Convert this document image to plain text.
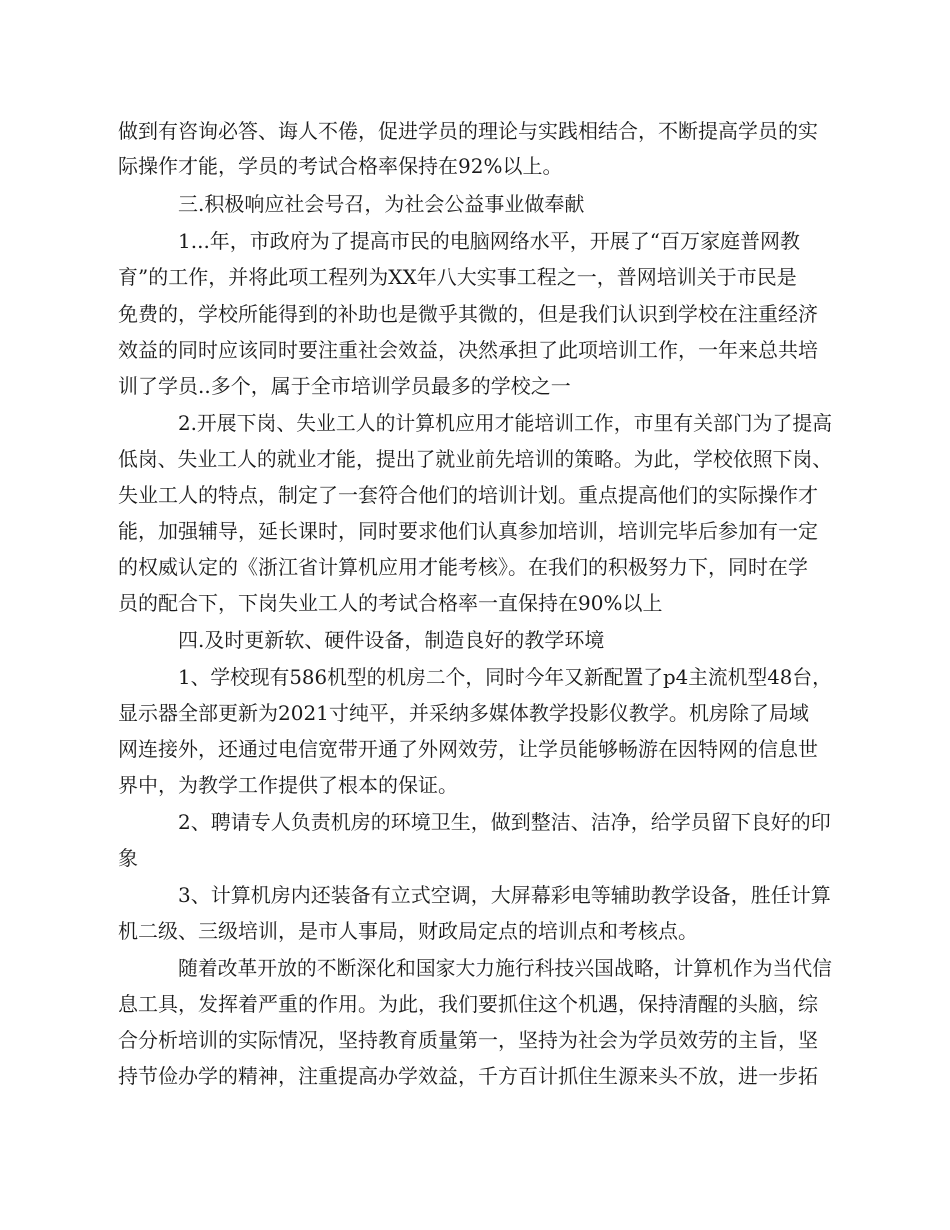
做到有咨询必答、诲人不倦，促进学员的理论与实践相结合，不断提高学员的实

际操作才能，学员的考试合格率保持在92%以上。

三.积极响应社会号召，为社会公益事业做奉献

1...年，市政府为了提高市民的电脑网络水平，开展了“百万家庭普网教

育”的工作，并将此项工程列为XX年八大实事工程之一，普网培训关于市民是

免费的，学校所能得到的补助也是微乎其微的，但是我们认识到学校在注重经济

效益的同时应该同时要注重社会效益，决然承担了此项培训工作，一年来总共培

训了学员..多个，属于全市培训学员最多的学校之一

2.开展下岗、失业工人的计算机应用才能培训工作，市里有关部门为了提高

低岗、失业工人的就业才能，提出了就业前先培训的策略。为此，学校依照下岗、

失业工人的特点，制定了一套符合他们的培训计划。重点提高他们的实际操作才

能，加强辅导，延长课时，同时要求他们认真参加培训，培训完毕后参加有一定

的权威认定的《浙江省计算机应用才能考核》。在我们的积极努力下，同时在学

员的配合下，下岗失业工人的考试合格率一直保持在90%以上

四.及时更新软、硬件设备，制造良好的教学环境

1、学校现有586机型的机房二个，同时今年又新配置了p4主流机型48台，

显示器全部更新为2021寸纯平，并采纳多媒体教学投影仪教学。机房除了局域

网连接外，还通过电信宽带开通了外网效劳，让学员能够畅游在因特网的信息世

界中，为教学工作提供了根本的保证。

2、聘请专人负责机房的环境卫生，做到整洁、洁净，给学员留下良好的印

象

3、计算机房内还装备有立式空调，大屏幕彩电等辅助教学设备，胜任计算

机二级、三级培训，是市人事局，财政局定点的培训点和考核点。

随着改革开放的不断深化和国家大力施行科技兴国战略，计算机作为当代信

息工具，发挥着严重的作用。为此，我们要抓住这个机遇，保持清醒的头脑，综

合分析培训的实际情况，坚持教育质量第一，坚持为社会为学员效劳的主旨，坚

持节俭办学的精神，注重提高办学效益，千方百计抓住生源来头不放，进一步拓
